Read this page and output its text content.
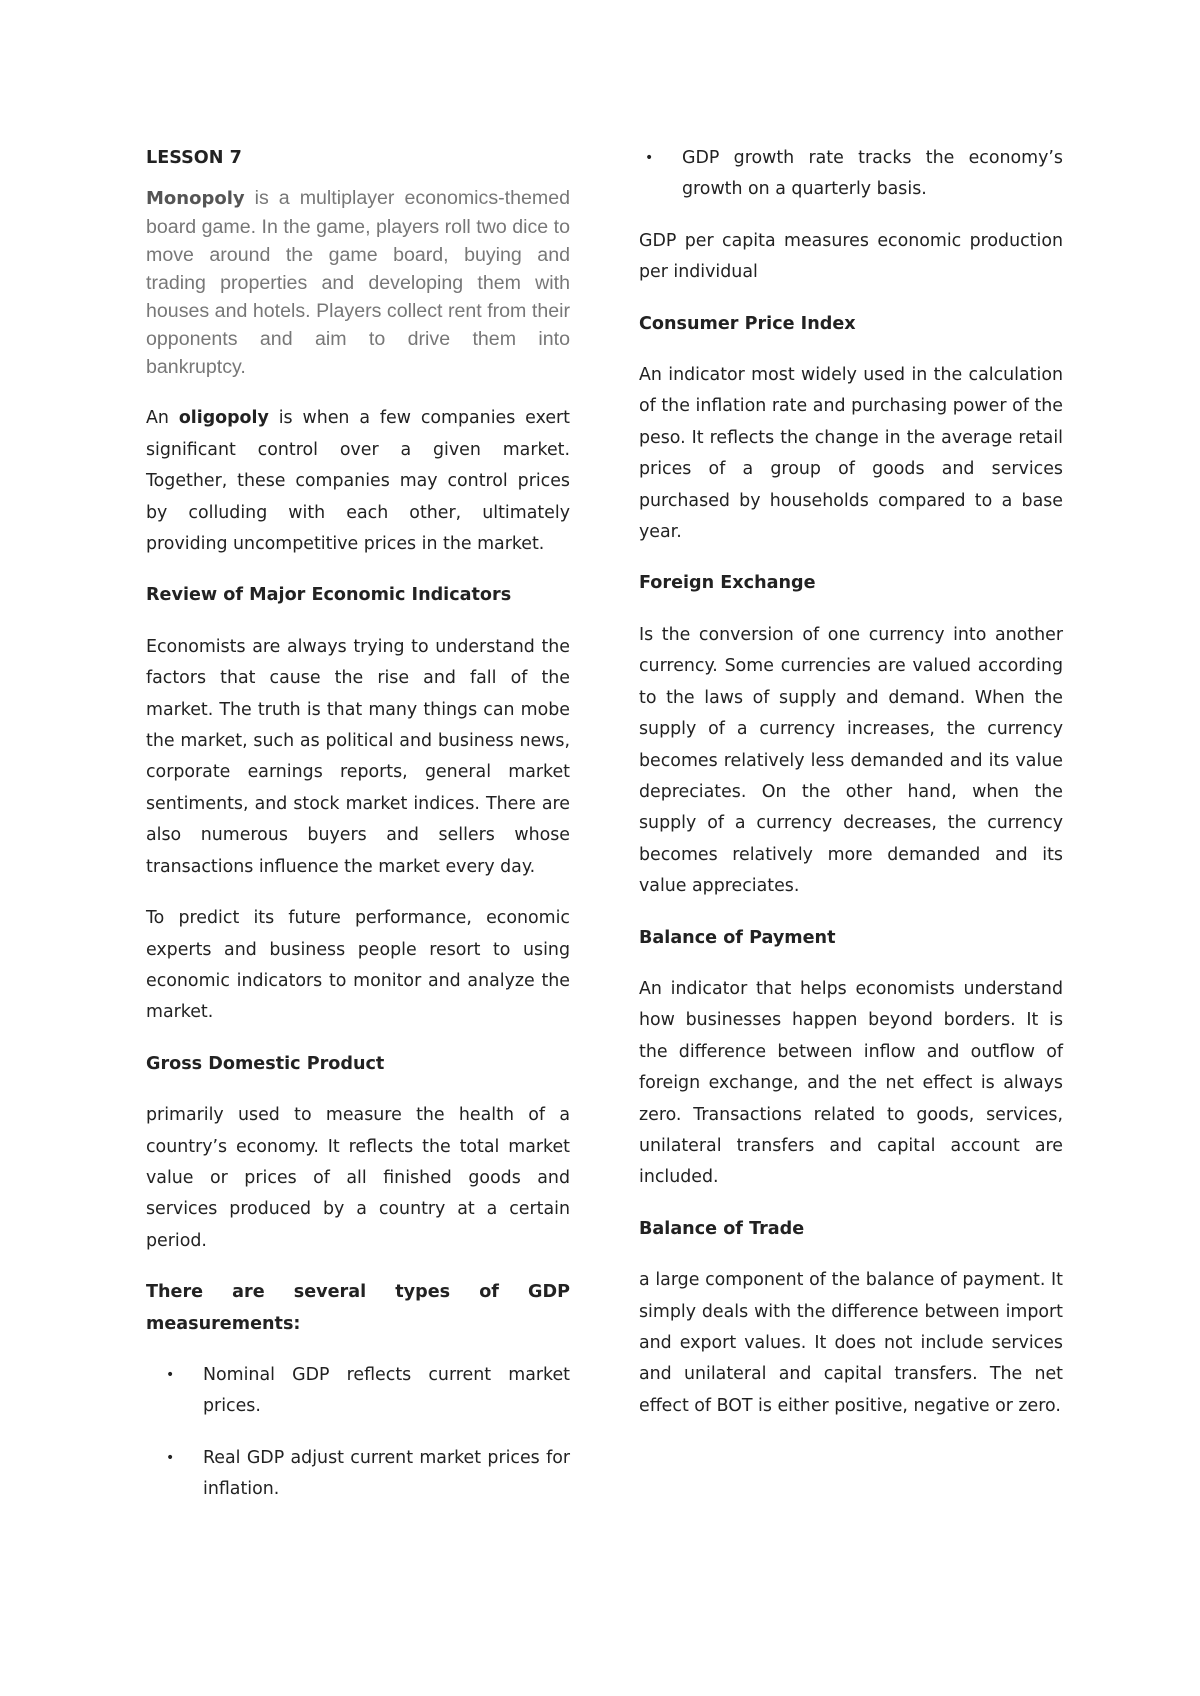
LESSON 7

Monopoly is a multiplayer economics-themed board game. In the game, players roll two dice to move around the game board, buying and trading properties and developing them with houses and hotels. Players collect rent from their opponents and aim to drive them into bankruptcy.

An oligopoly is when a few companies exert significant control over a given market. Together, these companies may control prices by colluding with each other, ultimately providing uncompetitive prices in the market.

Review of Major Economic Indicators

Economists are always trying to understand the factors that cause the rise and fall of the market. The truth is that many things can mobe the market, such as political and business news, corporate earnings reports, general market sentiments, and stock market indices. There are also numerous buyers and sellers whose transactions influence the market every day.

To predict its future performance, economic experts and business people resort to using economic indicators to monitor and analyze the market.

Gross Domestic Product

primarily used to measure the health of a country’s economy. It reflects the total market value or prices of all finished goods and services produced by a country at a certain period.

There are several types of GDP measurements:
• Nominal GDP reflects current market prices.
• Real GDP adjust current market prices for inflation.
• GDP growth rate tracks the economy’s growth on a quarterly basis.

GDP per capita measures economic production per individual

Consumer Price Index

An indicator most widely used in the calculation of the inflation rate and purchasing power of the peso. It reflects the change in the average retail prices of a group of goods and services purchased by households compared to a base year.

Foreign Exchange

Is the conversion of one currency into another currency. Some currencies are valued according to the laws of supply and demand. When the supply of a currency increases, the currency becomes relatively less demanded and its value depreciates. On the other hand, when the supply of a currency decreases, the currency becomes relatively more demanded and its value appreciates.

Balance of Payment

An indicator that helps economists understand how businesses happen beyond borders. It is the difference between inflow and outflow of foreign exchange, and the net effect is always zero. Transactions related to goods, services, unilateral transfers and capital account are included.

Balance of Trade

a large component of the balance of payment. It simply deals with the difference between import and export values. It does not include services and unilateral and capital transfers. The net effect of BOT is either positive, negative or zero.
